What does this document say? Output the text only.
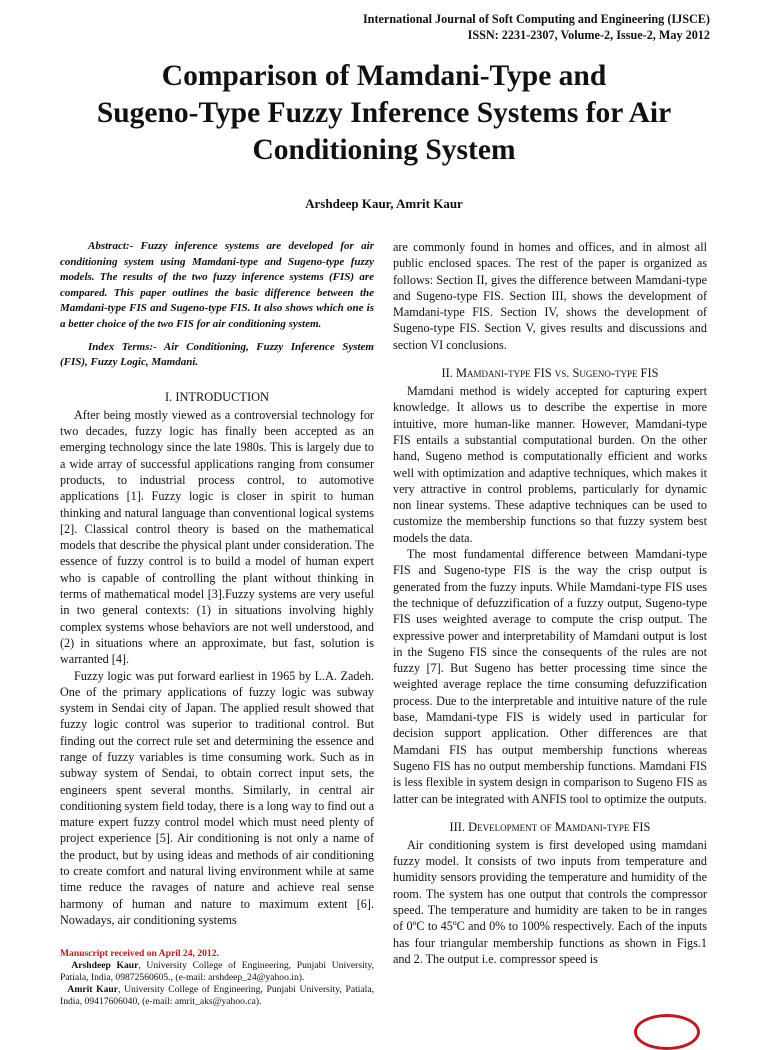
International Journal of Soft Computing and Engineering (IJSCE)
ISSN: 2231-2307, Volume-2, Issue-2, May 2012
Comparison of Mamdani-Type and
Sugeno-Type Fuzzy Inference Systems for Air
Conditioning System
Arshdeep Kaur, Amrit Kaur

Abstract:- Fuzzy inference systems are developed for air conditioning system using Mamdani-type and Sugeno-type fuzzy models. The results of the two fuzzy inference systems (FIS) are compared. This paper outlines the basic difference between the Mamdani-type FIS and Sugeno-type FIS. It also shows which one is a better choice of the two FIS for air conditioning system.

Index Terms:- Air Conditioning, Fuzzy Inference System (FIS), Fuzzy Logic, Mamdani.

I. INTRODUCTION

After being mostly viewed as a controversial technology for two decades, fuzzy logic has finally been accepted as an emerging technology since the late 1980s. This is largely due to a wide array of successful applications ranging from consumer products, to industrial process control, to automotive applications [1]. Fuzzy logic is closer in spirit to human thinking and natural language than conventional logical systems [2]. Classical control theory is based on the mathematical models that describe the physical plant under consideration. The essence of fuzzy control is to build a model of human expert who is capable of controlling the plant without thinking in terms of mathematical model [3].Fuzzy systems are very useful in two general contexts: (1) in situations involving highly complex systems whose behaviors are not well understood, and (2) in situations where an approximate, but fast, solution is warranted [4].

Fuzzy logic was put forward earliest in 1965 by L.A. Zadeh. One of the primary applications of fuzzy logic was subway system in Sendai city of Japan. The applied result showed that fuzzy logic control was superior to traditional control. But finding out the correct rule set and determining the essence and range of fuzzy variables is time consuming work. Such as in subway system of Sendai, to obtain correct input sets, the engineers spent several months. Similarly, in central air conditioning system field today, there is a long way to find out a mature expert fuzzy control model which must need plenty of project experience [5]. Air conditioning is not only a name of the product, but by using ideas and methods of air conditioning to create comfort and natural living environment while at same time reduce the ravages of nature and achieve real sense harmony of human and nature to maximum extent [6]. Nowadays, air conditioning systems

are commonly found in homes and offices, and in almost all public enclosed spaces. The rest of the paper is organized as follows: Section II, gives the difference between Mamdani-type and Sugeno-type FIS. Section III, shows the development of Mamdani-type FIS. Section IV, shows the development of Sugeno-type FIS. Section V, gives results and discussions and section VI conclusions.

II. Mamdani-type FIS vs. Sugeno-type FIS

Mamdani method is widely accepted for capturing expert knowledge. It allows us to describe the expertise in more intuitive, more human-like manner. However, Mamdani-type FIS entails a substantial computational burden. On the other hand, Sugeno method is computationally efficient and works well with optimization and adaptive techniques, which makes it very attractive in control problems, particularly for dynamic non linear systems. These adaptive techniques can be used to customize the membership functions so that fuzzy system best models the data.

The most fundamental difference between Mamdani-type FIS and Sugeno-type FIS is the way the crisp output is generated from the fuzzy inputs. While Mamdani-type FIS uses the technique of defuzzification of a fuzzy output, Sugeno-type FIS uses weighted average to compute the crisp output. The expressive power and interpretability of Mamdani output is lost in the Sugeno FIS since the consequents of the rules are not fuzzy [7]. But Sugeno has better processing time since the weighted average replace the time consuming defuzzification process. Due to the interpretable and intuitive nature of the rule base, Mamdani-type FIS is widely used in particular for decision support application. Other differences are that Mamdani FIS has output membership functions whereas Sugeno FIS has no output membership functions. Mamdani FIS is less flexible in system design in comparison to Sugeno FIS as latter can be integrated with ANFIS tool to optimize the outputs.

III. Development of Mamdani-type FIS

Air conditioning system is first developed using mamdani fuzzy model. It consists of two inputs from temperature and humidity sensors providing the temperature and humidity of the room. The system has one output that controls the compressor speed. The temperature and humidity are taken to be in ranges of 0ºC to 45ºC and 0% to 100% respectively. Each of the inputs has four triangular membership functions as shown in Figs.1 and 2. The output i.e. compressor speed is

Manuscript received on April 24, 2012.

Arshdeep Kaur, University College of Engineering, Punjabi University, Patiala, India, 09872560605., (e-mail: arshdeep_24@yahoo.in).

Amrit Kaur, University College of Engineering, Punjabi University, Patiala, India, 09417606040, (e-mail: amrit_aks@yahoo.ca).
